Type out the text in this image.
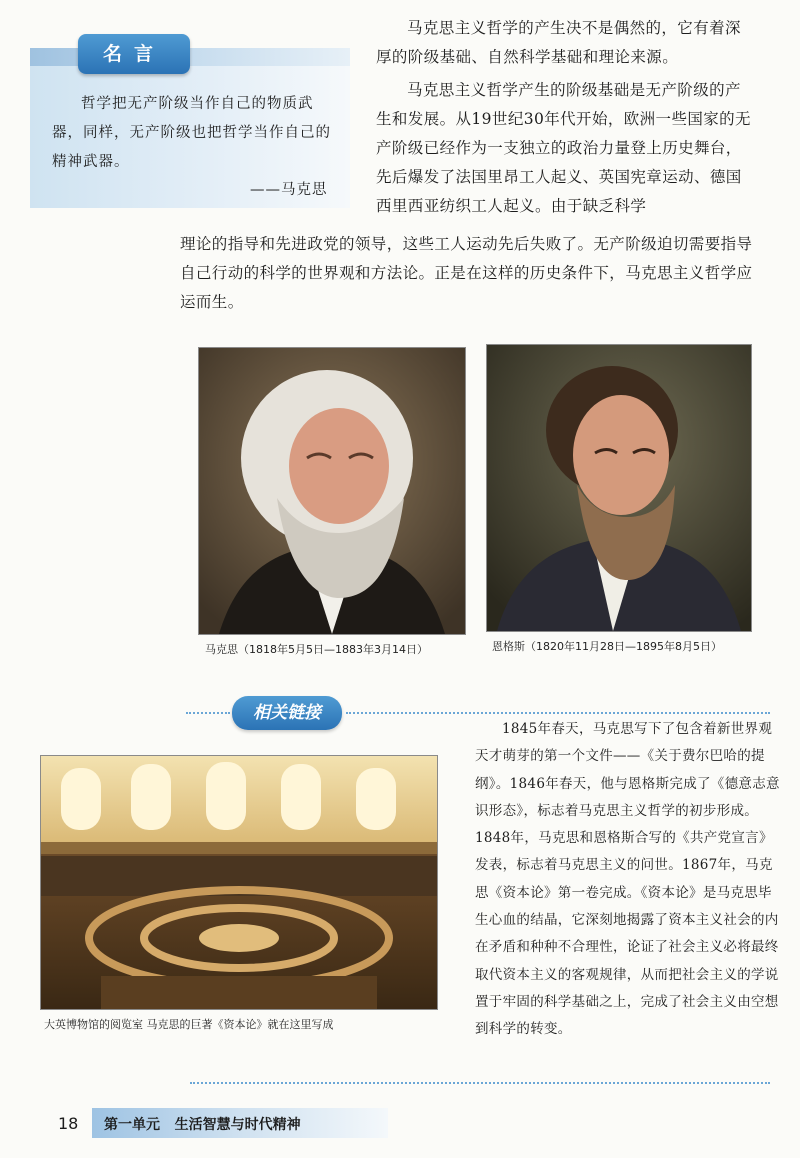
名言

哲学把无产阶级当作自己的物质武器，同样，无产阶级也把哲学当作自己的精神武器。

——马克思

马克思主义哲学的产生决不是偶然的，它有着深厚的阶级基础、自然科学基础和理论来源。

马克思主义哲学产生的阶级基础是无产阶级的产生和发展。从19世纪30年代开始，欧洲一些国家的无产阶级已经作为一支独立的政治力量登上历史舞台，先后爆发了法国里昂工人起义、英国宪章运动、德国西里西亚纺织工人起义。由于缺乏科学

理论的指导和先进政党的领导，这些工人运动先后失败了。无产阶级迫切需要指导自己行动的科学的世界观和方法论。正是在这样的历史条件下，马克思主义哲学应运而生。

马克思（1818年5月5日—1883年3月14日）	恩格斯（1820年11月28日—1895年8月5日）

相关链接

大英博物馆的阅览室 马克思的巨著《资本论》就在这里写成

1845年春天，马克思写下了包含着新世界观天才萌芽的第一个文件——《关于费尔巴哈的提纲》。1846年春天，他与恩格斯完成了《德意志意识形态》，标志着马克思主义哲学的初步形成。1848年，马克思和恩格斯合写的《共产党宣言》发表，标志着马克思主义的问世。1867年，马克思《资本论》第一卷完成。《资本论》是马克思毕生心血的结晶，它深刻地揭露了资本主义社会的内在矛盾和种种不合理性，论证了社会主义必将最终取代资本主义的客观规律，从而把社会主义的学说置于牢固的科学基础之上，完成了社会主义由空想到科学的转变。

18 第一单元   生活智慧与时代精神
